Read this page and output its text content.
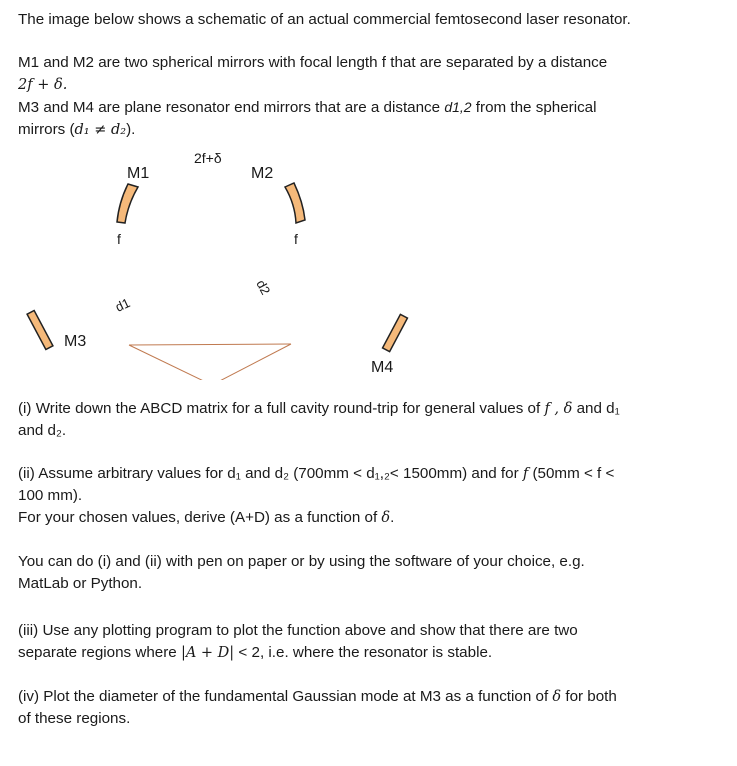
The image below shows a schematic of an actual commercial femtosecond laser resonator.

M1 and M2 are two spherical mirrors with focal length f that are separated by a distance
2f + δ.
M3 and M4 are plane resonator end mirrors that are a distance d1,2 from the spherical
mirrors (d₁ ≠ d₂).

2f+δ
M1	M2
M3
M4
f	f
d1
d2

(i) Write down the ABCD matrix for a full cavity round-trip for general values of f , δ and d₁
and d₂.

(ii) Assume arbitrary values for d₁ and d₂ (700mm < d₁,₂< 1500mm) and for f (50mm < f <
100 mm).
For your chosen values, derive (A+D) as a function of δ.

You can do (i) and (ii) with pen on paper or by using the software of your choice, e.g.
MatLab or Python.

(iii) Use any plotting program to plot the function above and show that there are two
separate regions where |A + D| < 2, i.e. where the resonator is stable.

(iv) Plot the diameter of the fundamental Gaussian mode at M3 as a function of δ for both
of these regions.
